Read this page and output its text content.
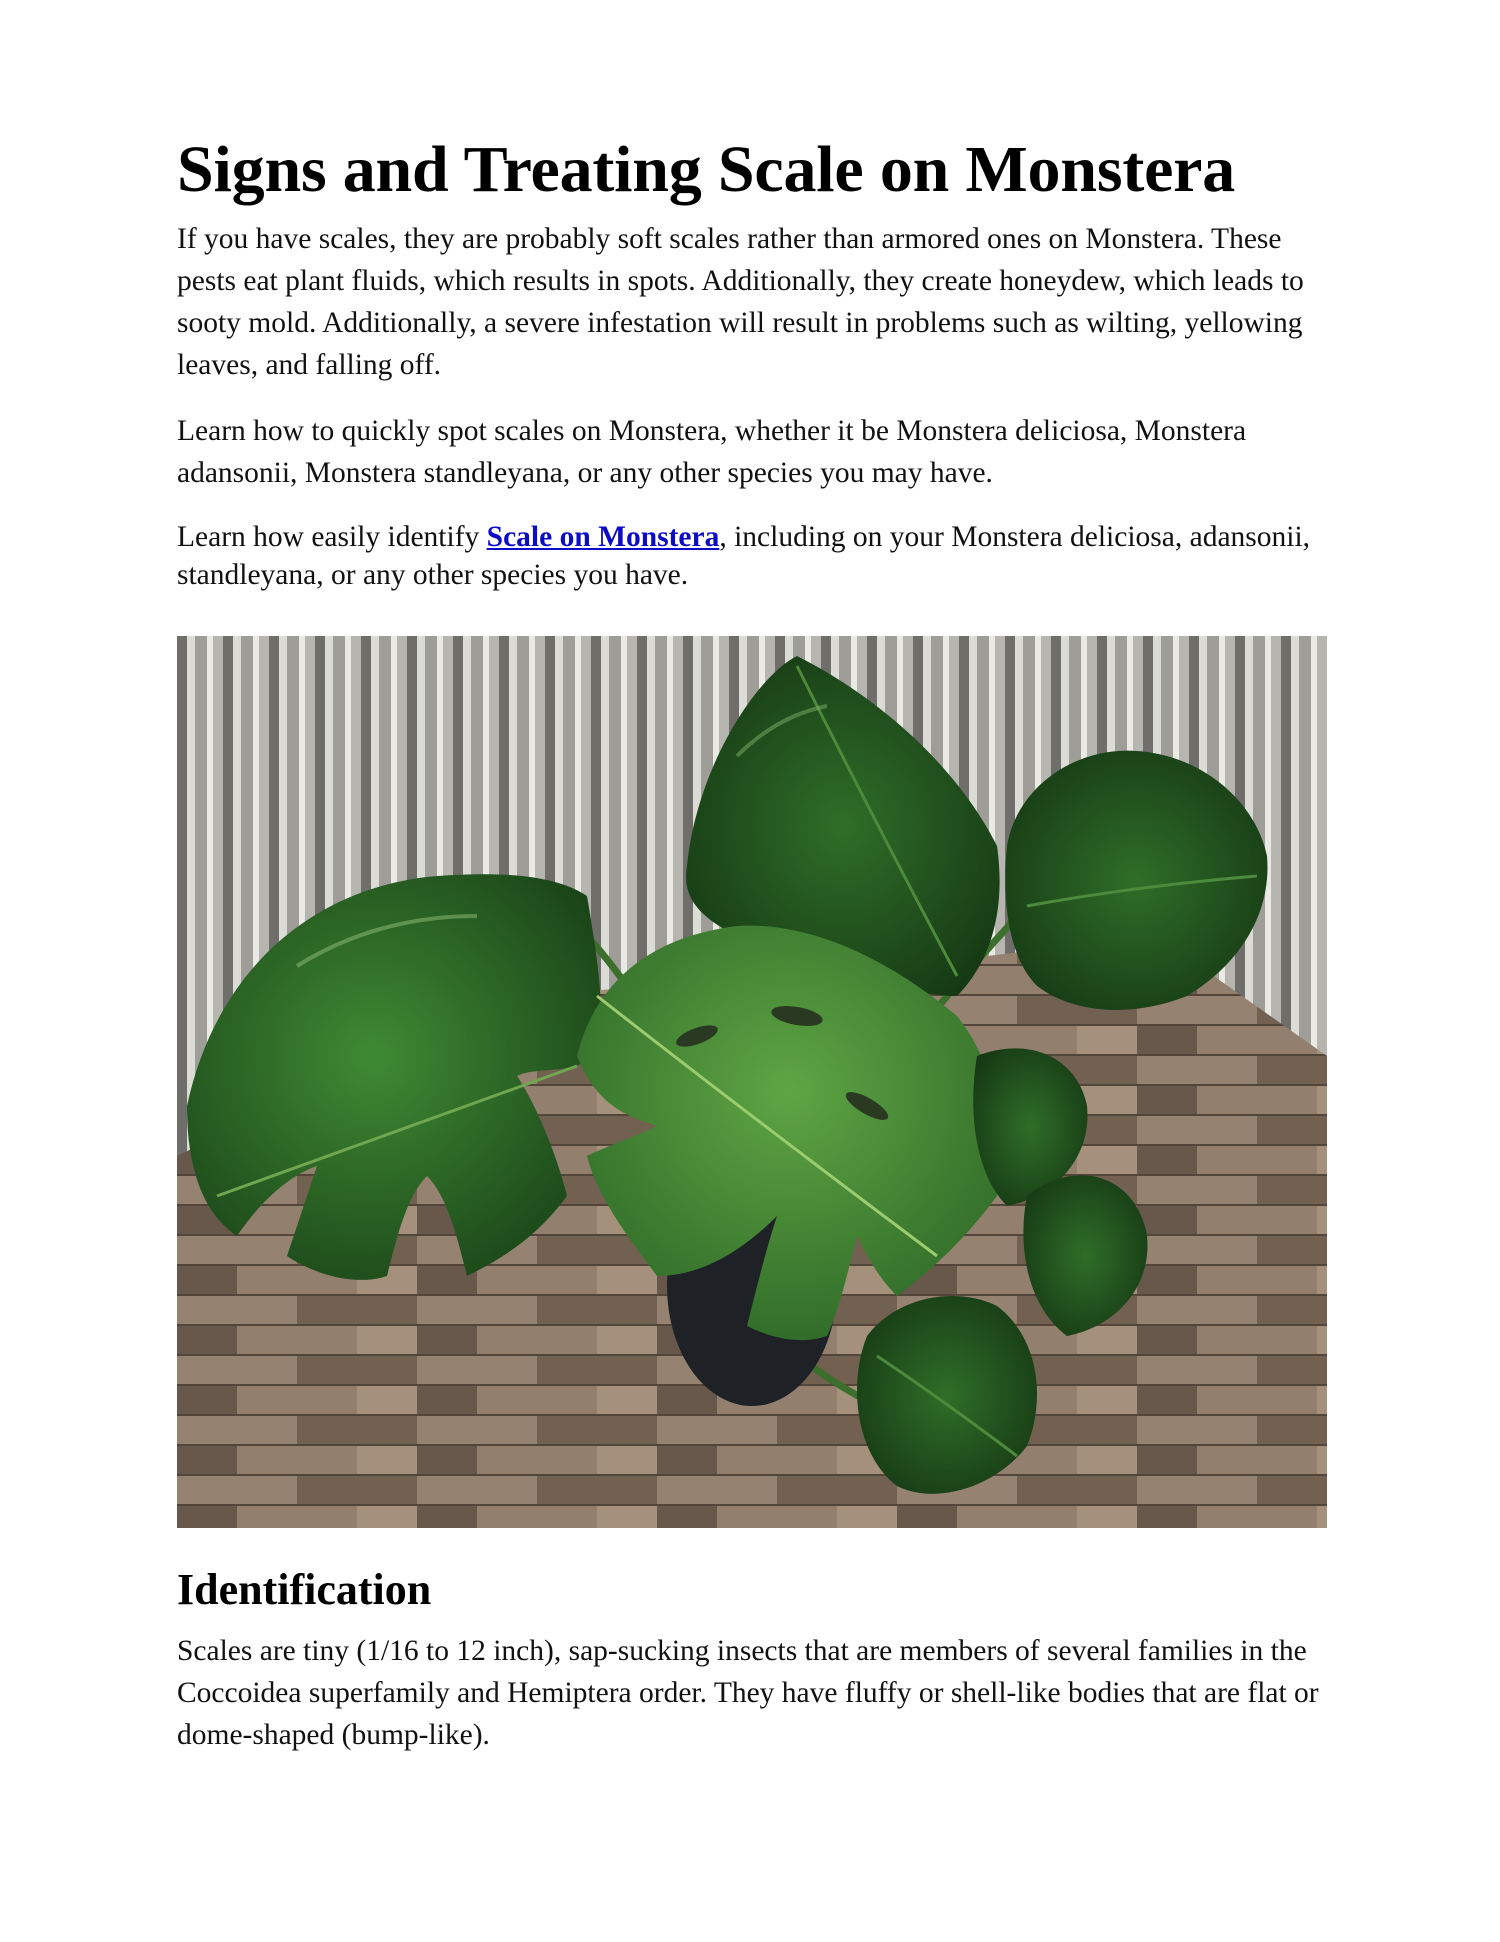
Signs and Treating Scale on Monstera

If you have scales, they are probably soft scales rather than armored ones on Monstera. These pests eat plant fluids, which results in spots. Additionally, they create honeydew, which leads to sooty mold. Additionally, a severe infestation will result in problems such as wilting, yellowing leaves, and falling off.

Learn how to quickly spot scales on Monstera, whether it be Monstera deliciosa, Monstera adansonii, Monstera standleyana, or any other species you may have.

Learn how easily identify Scale on Monstera, including on your Monstera deliciosa, adansonii, standleyana, or any other species you have.

Identification

Scales are tiny (1/16 to 12 inch), sap-sucking insects that are members of several families in the Coccoidea superfamily and Hemiptera order. They have fluffy or shell-like bodies that are flat or dome-shaped (bump-like).
